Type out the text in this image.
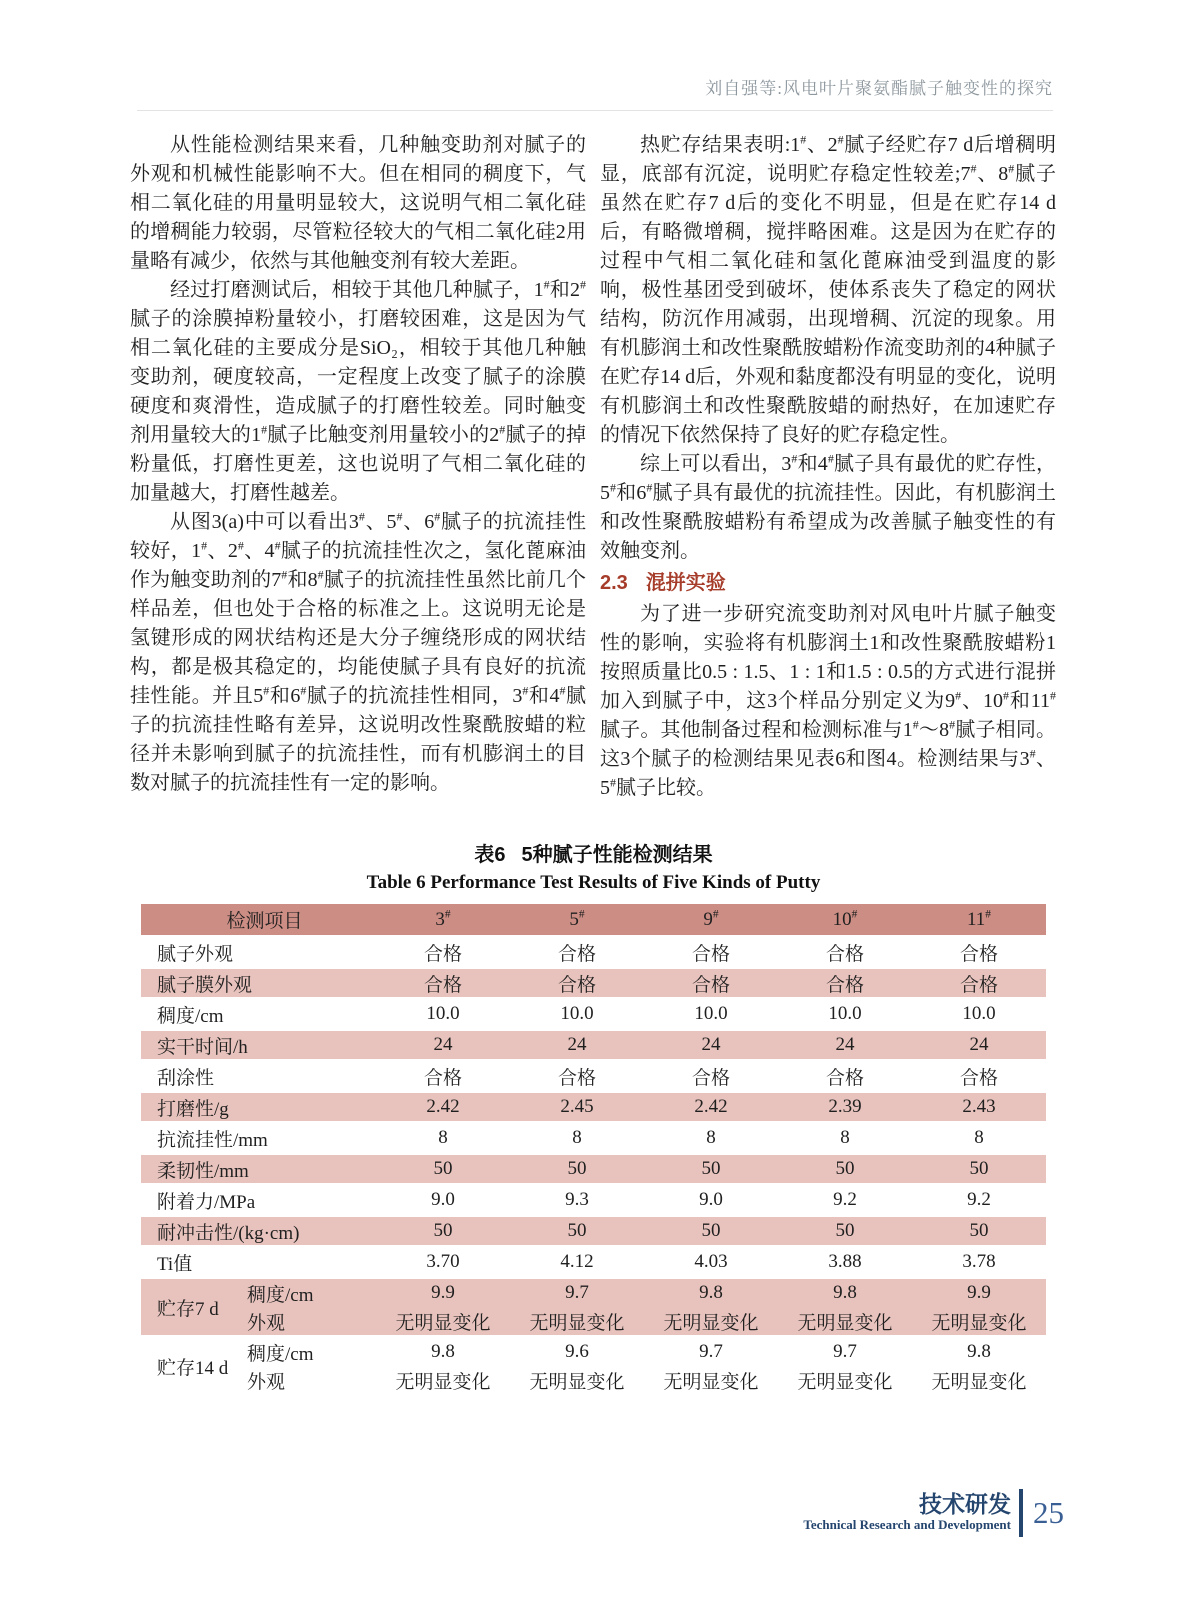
刘自强等:风电叶片聚氨酯腻子触变性的探究

从性能检测结果来看，几种触变助剂对腻子的外观和机械性能影响不大。但在相同的稠度下，气相二氧化硅的用量明显较大，这说明气相二氧化硅的增稠能力较弱，尽管粒径较大的气相二氧化硅2用量略有减少，依然与其他触变剂有较大差距。

经过打磨测试后，相较于其他几种腻子，1#和2#腻子的涂膜掉粉量较小，打磨较困难，这是因为气相二氧化硅的主要成分是SiO₂，相较于其他几种触变助剂，硬度较高，一定程度上改变了腻子的涂膜硬度和爽滑性，造成腻子的打磨性较差。同时触变剂用量较大的1#腻子比触变剂用量较小的2#腻子的掉粉量低，打磨性更差，这也说明了气相二氧化硅的加量越大，打磨性越差。

从图3(a)中可以看出3#、5#、6#腻子的抗流挂性较好，1#、2#、4#腻子的抗流挂性次之，氢化蓖麻油作为触变助剂的7#和8#腻子的抗流挂性虽然比前几个样品差，但也处于合格的标准之上。这说明无论是氢键形成的网状结构还是大分子缠绕形成的网状结构，都是极其稳定的，均能使腻子具有良好的抗流挂性能。并且5#和6#腻子的抗流挂性相同，3#和4#腻子的抗流挂性略有差异，这说明改性聚酰胺蜡的粒径并未影响到腻子的抗流挂性，而有机膨润土的目数对腻子的抗流挂性有一定的影响。

热贮存结果表明:1#、2#腻子经贮存7 d后增稠明显，底部有沉淀，说明贮存稳定性较差;7#、8#腻子虽然在贮存7 d后的变化不明显，但是在贮存14 d后，有略微增稠，搅拌略困难。这是因为在贮存的过程中气相二氧化硅和氢化蓖麻油受到温度的影响，极性基团受到破坏，使体系丧失了稳定的网状结构，防沉作用减弱，出现增稠、沉淀的现象。用有机膨润土和改性聚酰胺蜡粉作流变助剂的4种腻子在贮存14 d后，外观和黏度都没有明显的变化，说明有机膨润土和改性聚酰胺蜡的耐热好，在加速贮存的情况下依然保持了良好的贮存稳定性。

综上可以看出，3#和4#腻子具有最优的贮存性，5#和6#腻子具有最优的抗流挂性。因此，有机膨润土和改性聚酰胺蜡粉有希望成为改善腻子触变性的有效触变剂。

2.3 混拼实验

为了进一步研究流变助剂对风电叶片腻子触变性的影响，实验将有机膨润土1和改性聚酰胺蜡粉1按照质量比0.5 : 1.5、1 : 1和1.5 : 0.5的方式进行混拼加入到腻子中，这3个样品分别定义为9#、10#和11#腻子。其他制备过程和检测标准与1#～8#腻子相同。这3个腻子的检测结果见表6和图4。检测结果与3#、5#腻子比较。

表6 5种腻子性能检测结果
Table 6 Performance Test Results of Five Kinds of Putty
检测项目		3#	5#	9#	10#	11#
腻子外观		合格	合格	合格	合格	合格
腻子膜外观		合格	合格	合格	合格	合格
稠度/cm		10.0	10.0	10.0	10.0	10.0
实干时间/h		24	24	24	24	24
刮涂性		合格	合格	合格	合格	合格
打磨性/g		2.42	2.45	2.42	2.39	2.43
抗流挂性/mm		8	8	8	8	8
柔韧性/mm		50	50	50	50	50
附着力/MPa		9.0	9.3	9.0	9.2	9.2
耐冲击性/(kg·cm)		50	50	50	50	50
Ti值		3.70	4.12	4.03	3.88	3.78
贮存7 d	稠度/cm	9.9	9.7	9.8	9.8	9.9
	外观	无明显变化	无明显变化	无明显变化	无明显变化	无明显变化
贮存14 d	稠度/cm	9.8	9.6	9.7	9.7	9.8
	外观	无明显变化	无明显变化	无明显变化	无明显变化	无明显变化
技术研发
Technical Research and Development 25
